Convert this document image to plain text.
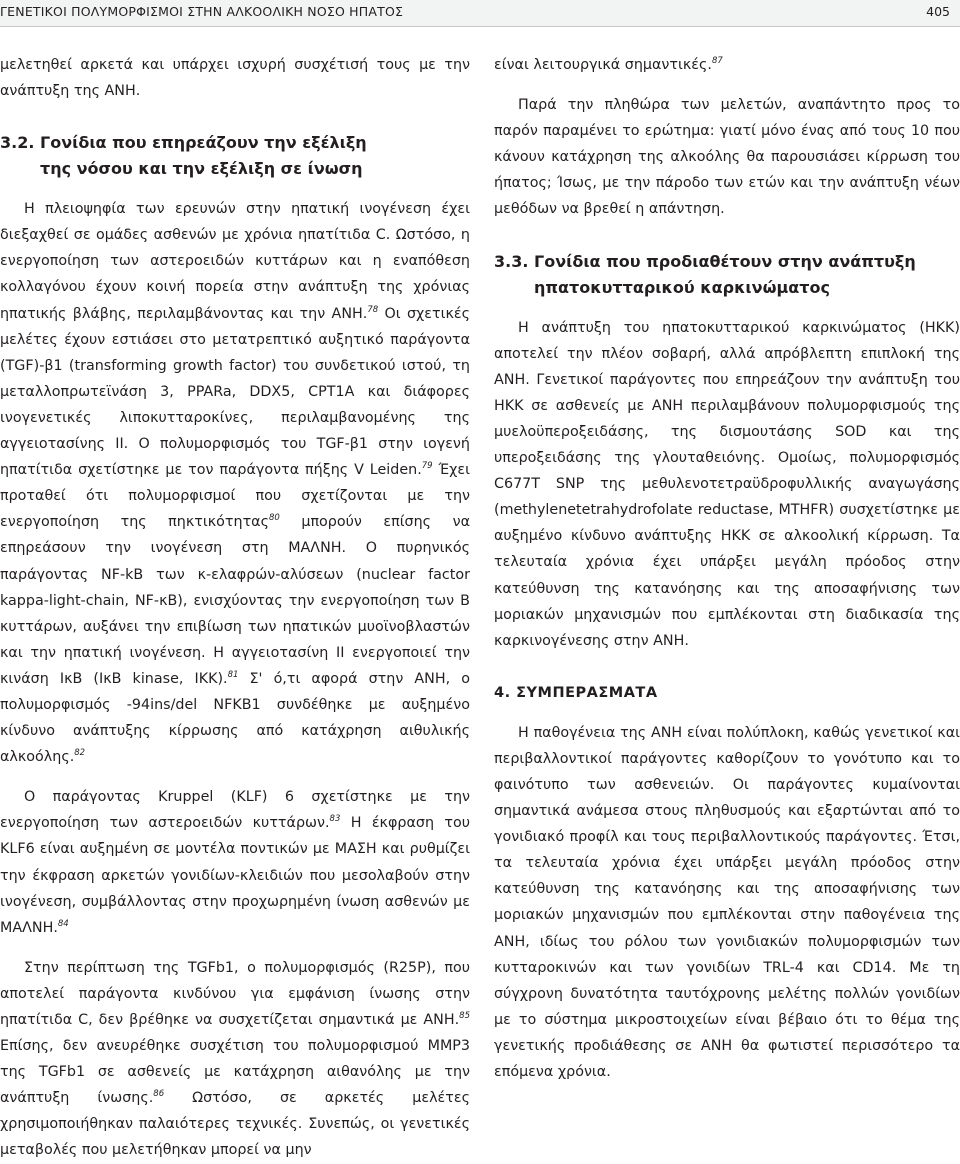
ΓΕΝΕΤΙΚΟΙ ΠΟΛΥΜΟΡΦΙΣΜΟΙ ΣΤΗΝ ΑΛΚΟΟΛΙΚΗ ΝΟΣΟ ΗΠΑΤΟΣ	405

μελετηθεί αρκετά και υπάρχει ισχυρή συσχέτισή τους με την ανάπτυξη της ΑΝΗ.

3.2. Γονίδια που επηρεάζουν την εξέλιξη
της νόσου και την εξέλιξη σε ίνωση

Η πλειοψηφία των ερευνών στην ηπατική ινογένεση έχει διεξαχθεί σε ομάδες ασθενών με χρόνια ηπατίτιδα C. Ωστόσο, η ενεργοποίηση των αστεροειδών κυττάρων και η εναπόθεση κολλαγόνου έχουν κοινή πορεία στην ανάπτυξη της χρόνιας ηπατικής βλάβης, περιλαμβάνοντας και την ΑΝΗ.$^{78}$ Οι σχετικές μελέτες έχουν εστιάσει στο μετατρεπτικό αυξητικό παράγοντα (TGF)-β1 (transforming growth factor) του συνδετικού ιστού, τη μεταλλοπρωτεϊνάση 3, PPARa, DDX5, CPT1A και διάφορες ινογενετικές λιποκυτταροκίνες, περιλαμβανομένης της αγγειοτασίνης II. Ο πολυμορφισμός του TGF-β1 στην ιογενή ηπατίτιδα σχετίστηκε με τον παράγοντα πήξης V Leiden.$^{79}$ Έχει προταθεί ότι πολυμορφισμοί που σχετίζονται με την ενεργοποίηση της πηκτικότητας$^{80}$ μπορούν επίσης να επηρεάσουν την ινογένεση στη ΜΑΛΝΗ. Ο πυρηνικός παράγοντας NF-kB των κ-ελαφρών-αλύσεων (nuclear factor kappa-light-chain, NF-κB), ενισχύοντας την ενεργοποίηση των B κυττάρων, αυξάνει την επιβίωση των ηπατικών μυοϊνοβλαστών και την ηπατική ινογένεση. Η αγγειοτασίνη II ενεργοποιεί την κινάση IκB (IκB kinase, IKK).$^{81}$ Σ' ό,τι αφορά στην ΑΝΗ, ο πολυμορφισμός -94ins/del NFKB1 συνδέθηκε με αυξημένο κίνδυνο ανάπτυξης κίρρωσης από κατάχρηση αιθυλικής αλκοόλης.$^{82}$

Ο παράγοντας Kruppel (KLF) 6 σχετίστηκε με την ενεργοποίηση των αστεροειδών κυττάρων.$^{83}$ Η έκφραση του KLF6 είναι αυξημένη σε μοντέλα ποντικών με ΜΑΣΗ και ρυθμίζει την έκφραση αρκετών γονιδίων-κλειδιών που μεσολαβούν στην ινογένεση, συμβάλλοντας στην προχωρημένη ίνωση ασθενών με ΜΑΛΝΗ.$^{84}$

Στην περίπτωση της TGFb1, ο πολυμορφισμός (R25P), που αποτελεί παράγοντα κινδύνου για εμφάνιση ίνωσης στην ηπατίτιδα C, δεν βρέθηκε να συσχετίζεται σημαντικά με ΑΝΗ.$^{85}$ Επίσης, δεν ανευρέθηκε συσχέτιση του πολυμορφισμού MMP3 της TGFb1 σε ασθενείς με κατάχρηση αιθανόλης με την ανάπτυξη ίνωσης.$^{86}$ Ωστόσο, σε αρκετές μελέτες χρησιμοποιήθηκαν παλαιότερες τεχνικές. Συνεπώς, οι γενετικές μεταβολές που μελετήθηκαν μπορεί να μην

είναι λειτουργικά σημαντικές.$^{87}$

Παρά την πληθώρα των μελετών, αναπάντητο προς το παρόν παραμένει το ερώτημα: γιατί μόνο ένας από τους 10 που κάνουν κατάχρηση της αλκοόλης θα παρουσιάσει κίρρωση του ήπατος; Ίσως, με την πάροδο των ετών και την ανάπτυξη νέων μεθόδων να βρεθεί η απάντηση.

3.3. Γονίδια που προδιαθέτουν στην ανάπτυξη
ηπατοκυτταρικού καρκινώματος

Η ανάπτυξη του ηπατοκυτταρικού καρκινώματος (ΗΚΚ) αποτελεί την πλέον σοβαρή, αλλά απρόβλεπτη επιπλοκή της ΑΝΗ. Γενετικοί παράγοντες που επηρεάζουν την ανάπτυξη του ΗΚΚ σε ασθενείς με ΑΝΗ περιλαμβάνουν πολυμορφισμούς της μυελοϋπεροξειδάσης, της δισμουτάσης SOD και της υπεροξειδάσης της γλουταθειόνης. Ομοίως, πολυμορφισμός C677T SNP της μεθυλενοτετραϋδροφυλλικής αναγωγάσης (methylenetetrahydrofolate reductase, MTHFR) συσχετίστηκε με αυξημένο κίνδυνο ανάπτυξης ΗΚΚ σε αλκοολική κίρρωση. Τα τελευταία χρόνια έχει υπάρξει μεγάλη πρόοδος στην κατεύθυνση της κατανόησης και της αποσαφήνισης των μοριακών μηχανισμών που εμπλέκονται στη διαδικασία της καρκινογένεσης στην ΑΝΗ.

4. ΣΥΜΠΕΡΑΣΜΑΤΑ

Η παθογένεια της ΑΝΗ είναι πολύπλοκη, καθώς γενετικοί και περιβαλλοντικοί παράγοντες καθορίζουν το γονότυπο και το φαινότυπο των ασθενειών. Οι παράγοντες κυμαίνονται σημαντικά ανάμεσα στους πληθυσμούς και εξαρτώνται από το γονιδιακό προφίλ και τους περιβαλλοντικούς παράγοντες. Έτσι, τα τελευταία χρόνια έχει υπάρξει μεγάλη πρόοδος στην κατεύθυνση της κατανόησης και της αποσαφήνισης των μοριακών μηχανισμών που εμπλέκονται στην παθογένεια της ΑΝΗ, ιδίως του ρόλου των γονιδιακών πολυμορφισμών των κυτταροκινών και των γονιδίων TRL-4 και CD14. Με τη σύγχρονη δυνατότητα ταυτόχρονης μελέτης πολλών γονιδίων με το σύστημα μικροστοιχείων είναι βέβαιο ότι το θέμα της γενετικής προδιάθεσης σε ΑΝΗ θα φωτιστεί περισσότερο τα επόμενα χρόνια.
